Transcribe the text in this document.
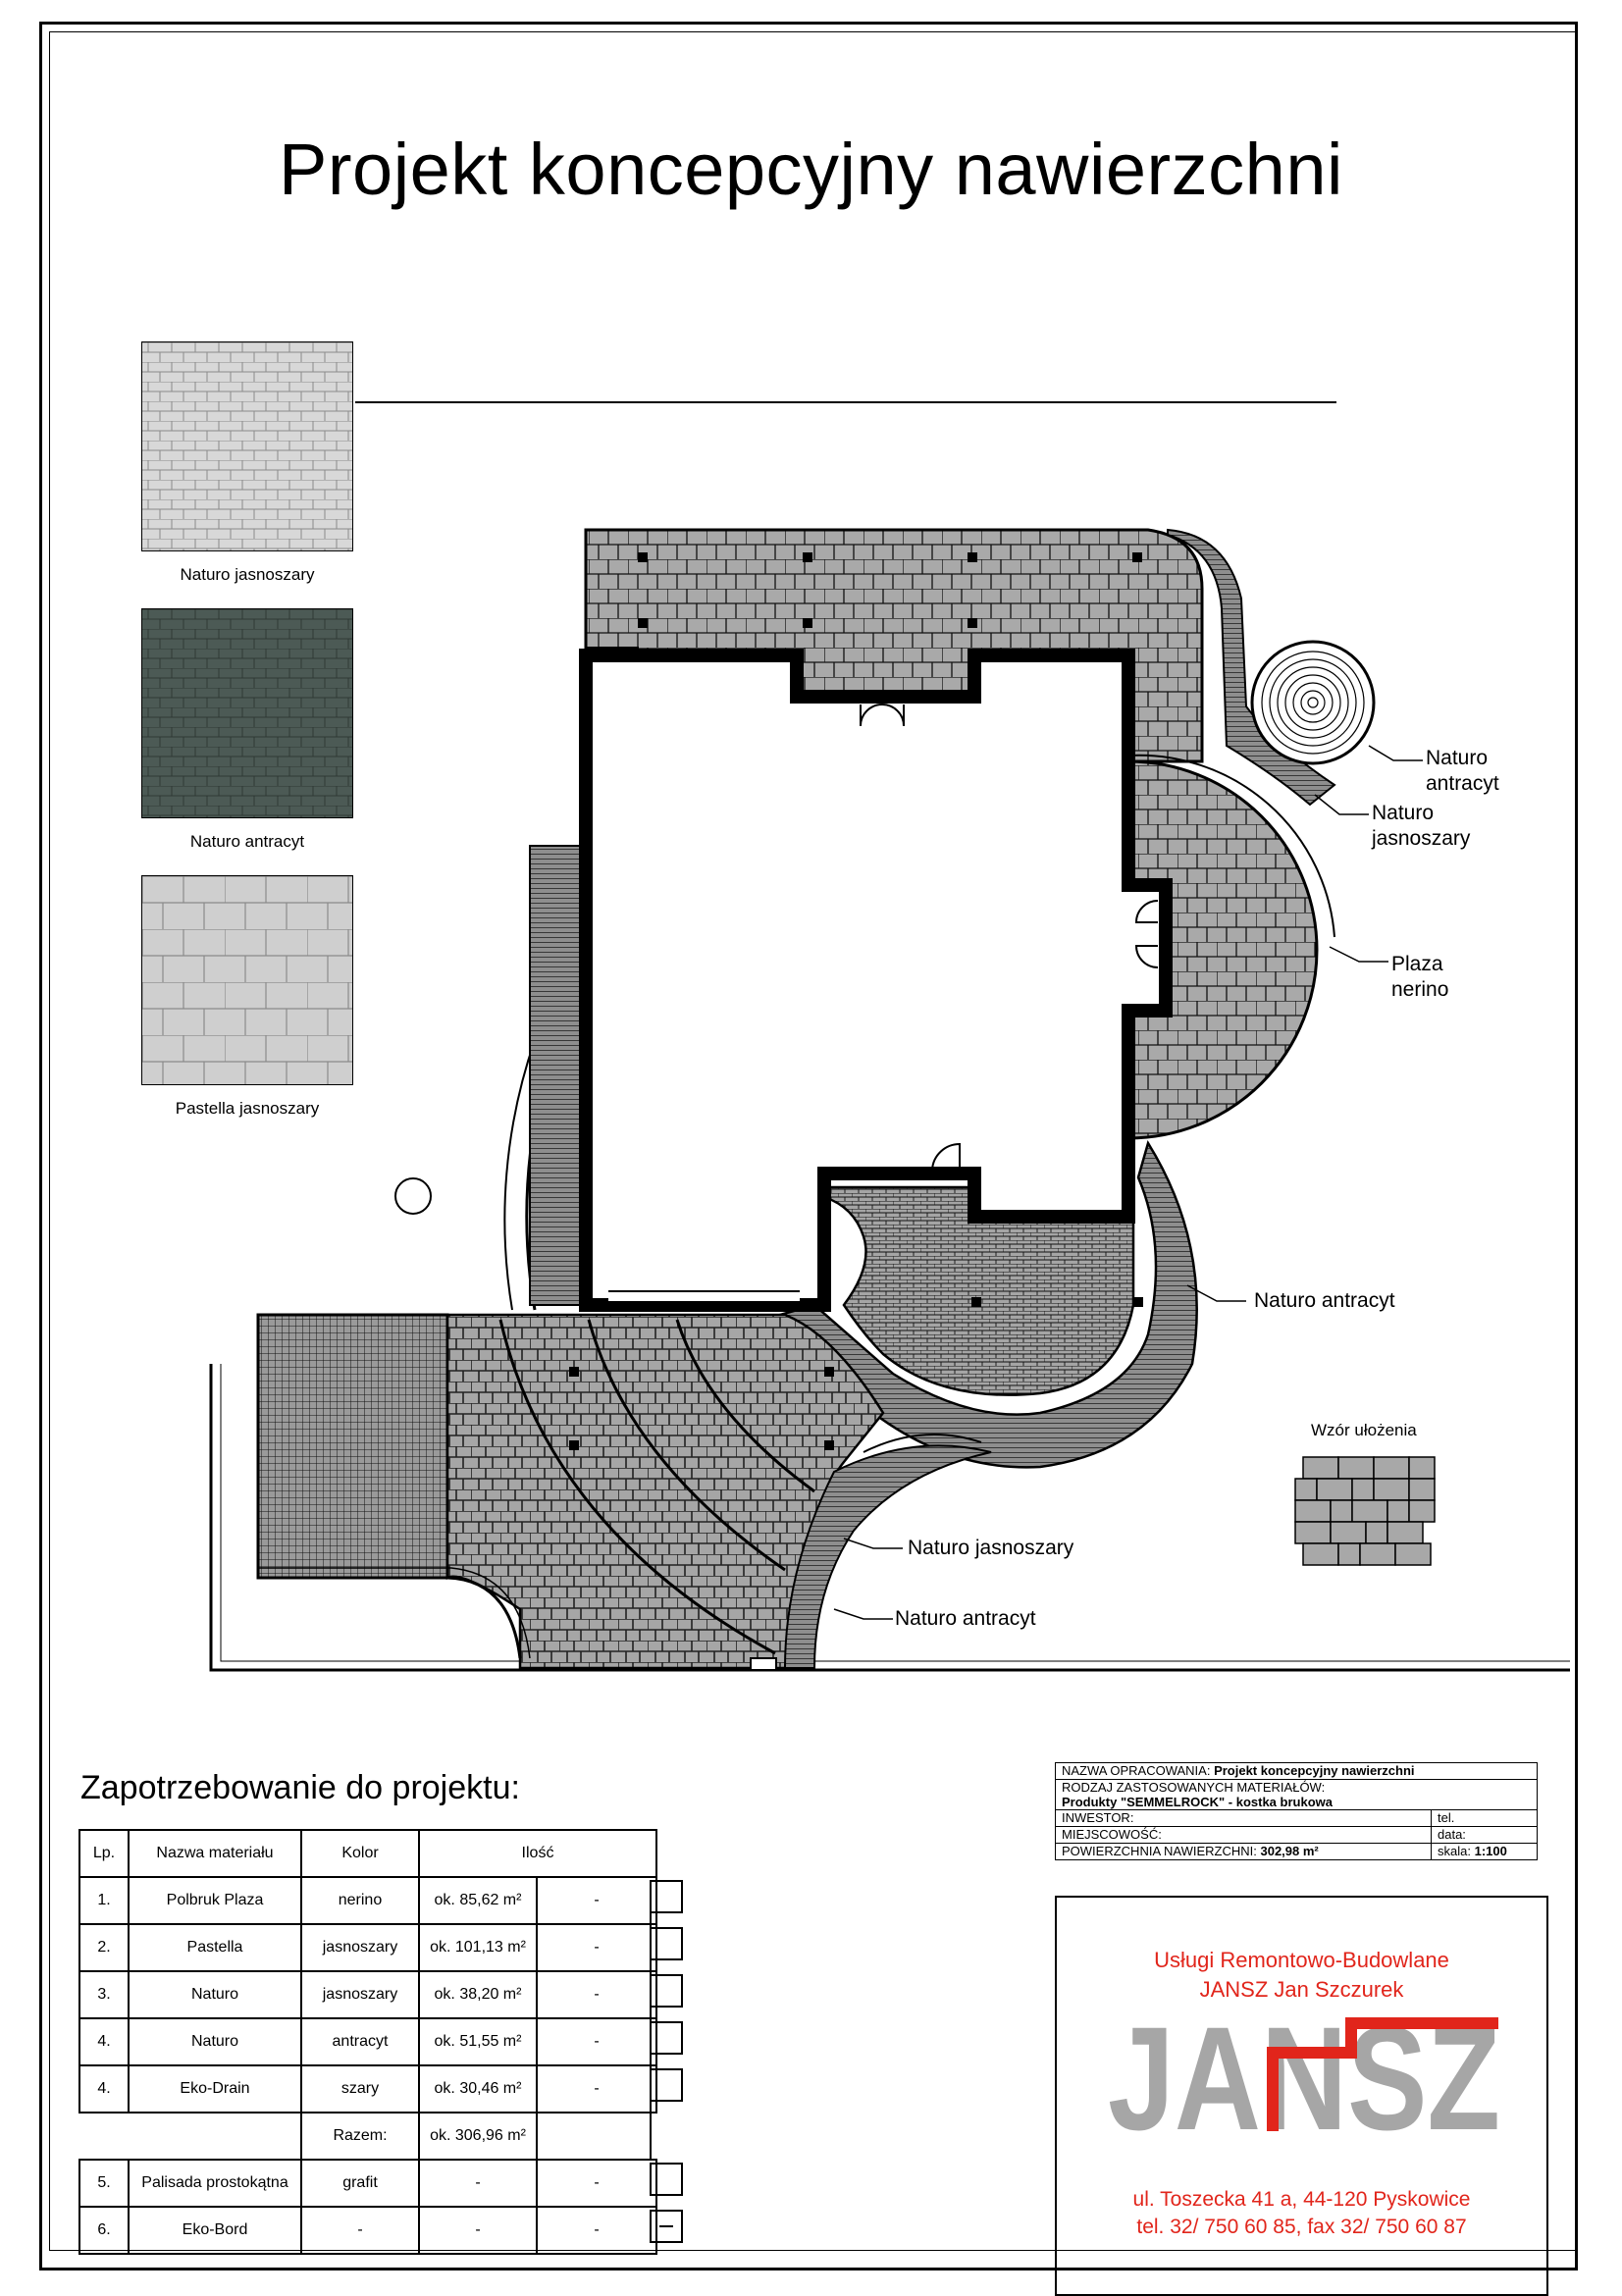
Projekt koncepcyjny nawierzchni
Naturo jasnoszary
Naturo antracyt
Pastella jasnoszary
Naturo
antracyt
Naturo
jasnoszary
Plaza
nerino
Naturo antracyt
Naturo jasnoszary
Naturo antracyt
Wzór ułożenia
Zapotrzebowanie do projektu:
Lp.	Nazwa materiału	Kolor	Ilość	
1.	Polbruk Plaza	nerino	ok. 85,62 m²	-
2.	Pastella	jasnoszary	ok. 101,13 m²	-
3.	Naturo	jasnoszary	ok. 38,20 m²	-
4.	Naturo	antracyt	ok. 51,55 m²	-
4.	Eko-Drain	szary	ok. 30,46 m²	-
		Razem:	ok. 306,96 m²	
5.	Palisada prostokątna	grafit	-	-
6.	Eko-Bord	-	-	-
NAZWA OPRACOWANIA: Projekt koncepcyjny nawierzchni	
RODZAJ ZASTOSOWANYCH MATERIAŁÓW:
Produkty "SEMMELROCK" - kostka brukowa	
INWESTOR:	tel.
MIEJSCOWOŚĆ:	data:
POWIERZCHNIA NAWIERZCHNI: 302,98 m²	skala: 1:100
Usługi Remontowo-Budowlane
JANSZ Jan Szczurek
JANSZ
ul. Toszecka 41 a, 44-120 Pyskowice
tel. 32/ 750 60 85, fax 32/ 750 60 87
